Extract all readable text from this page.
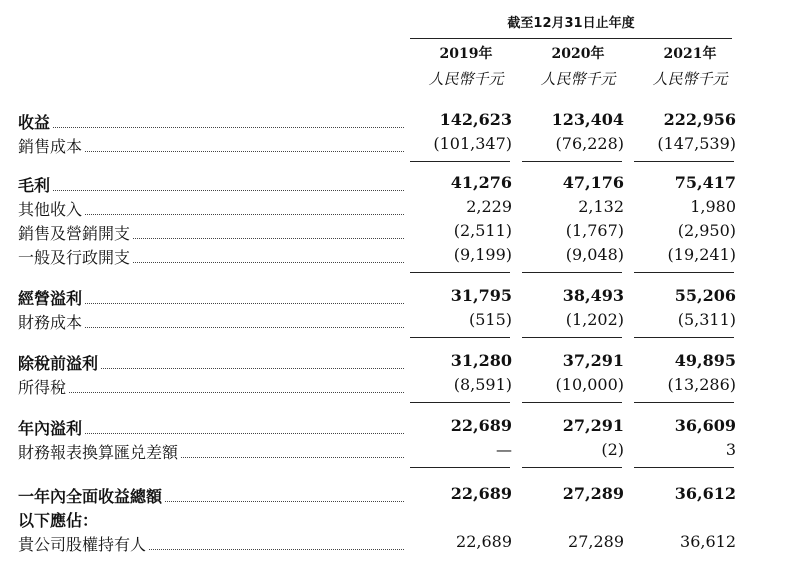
截至12月31日止年度
2019年	2020年	2021年
人民幣千元	人民幣千元	人民幣千元
收益	142,623	123,404	222,956
銷售成本	(101,347)	(76,228)	(147,539)
毛利	41,276	47,176	75,417
其他收入	2,229	2,132	1,980
銷售及營銷開支	(2,511)	(1,767)	(2,950)
一般及行政開支	(9,199)	(9,048)	(19,241)
經營溢利	31,795	38,493	55,206
財務成本	(515)	(1,202)	(5,311)
除稅前溢利	31,280	37,291	49,895
所得稅	(8,591)	(10,000)	(13,286)
年內溢利	22,689	27,291	36,609
財務報表換算匯兑差額	—	(2)	3
一年內全面收益總額	22,689	27,289	36,612
以下應佔：
貴公司股權持有人	22,689	27,289	36,612
